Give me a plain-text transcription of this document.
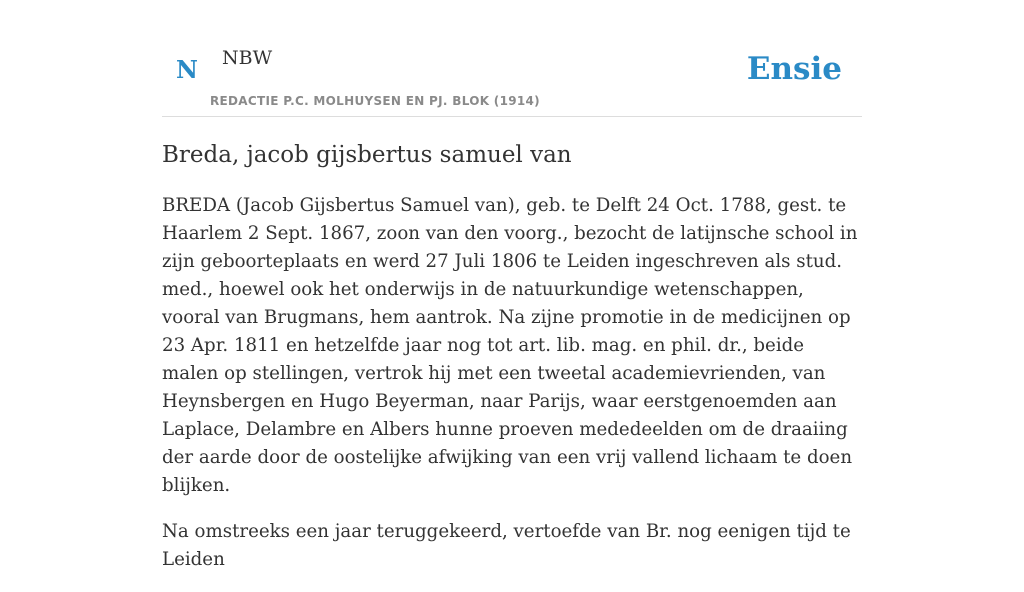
N NBW
REDACTIE P.C. MOLHUYSEN EN PJ. BLOK (1914)
Ensie
Breda, jacob gijsbertus samuel van

BREDA (Jacob Gijsbertus Samuel van), geb. te Delft 24 Oct. 1788, gest. te Haarlem 2 Sept. 1867, zoon van den voorg., bezocht de latijnsche school in zijn geboorteplaats en werd 27 Juli 1806 te Leiden ingeschreven als stud. med., hoewel ook het onderwijs in de natuurkundige wetenschappen, vooral van Brugmans, hem aantrok. Na zijne promotie in de medicijnen op 23 Apr. 1811 en hetzelfde jaar nog tot art. lib. mag. en phil. dr., beide malen op stellingen, vertrok hij met een tweetal academievrienden, van Heynsbergen en Hugo Beyerman, naar Parijs, waar eerstgenoemden aan Laplace, Delambre en Albers hunne proeven mededeelden om de draaiing der aarde door de oostelijke afwijking van een vrij vallend lichaam te doen blijken.

Na omstreeks een jaar teruggekeerd, vertoefde van Br. nog eenigen tijd te Leiden
